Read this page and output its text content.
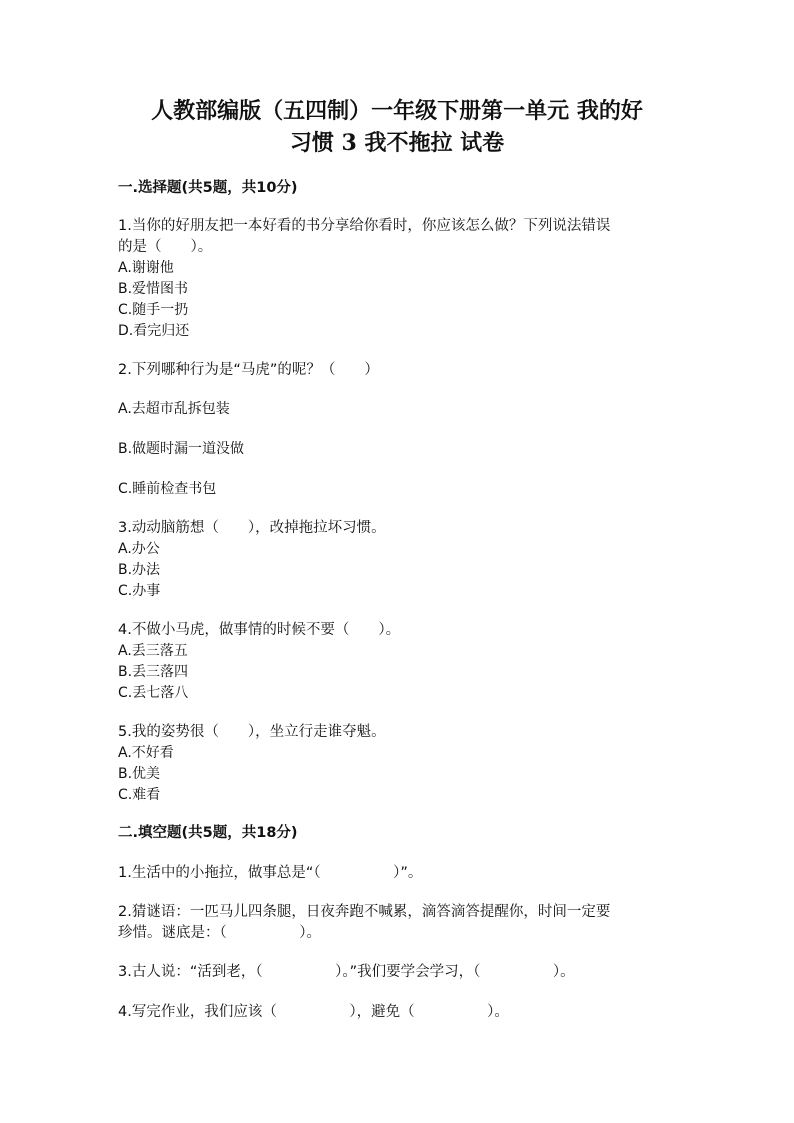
人教部编版（五四制）一年级下册第一单元 我的好
习惯 3 我不拖拉 试卷
一.选择题(共5题，共10分)
1.当你的好朋友把一本好看的书分享给你看时，你应该怎么做？下列说法错误
的是（　　）。
A.谢谢他
B.爱惜图书
C.随手一扔
D.看完归还
2.下列哪种行为是“马虎”的呢？（　　）
A.去超市乱拆包装
B.做题时漏一道没做
C.睡前检查书包
3.动动脑筋想（　　），改掉拖拉坏习惯。
A.办公
B.办法
C.办事
4.不做小马虎，做事情的时候不要（　　）。
A.丢三落五
B.丢三落四
C.丢七落八
5.我的姿势很（　　），坐立行走谁夺魁。
A.不好看
B.优美
C.难看
二.填空题(共5题，共18分)
1.生活中的小拖拉，做事总是“（　　　　　）”。
2.猜谜语：一匹马儿四条腿，日夜奔跑不喊累，滴答滴答提醒你，时间一定要
珍惜。谜底是：（　　　　　）。
3.古人说：“活到老，（　　　　　）。”我们要学会学习，（　　　　　）。
4.写完作业，我们应该（　　　　　），避免（　　　　　）。
